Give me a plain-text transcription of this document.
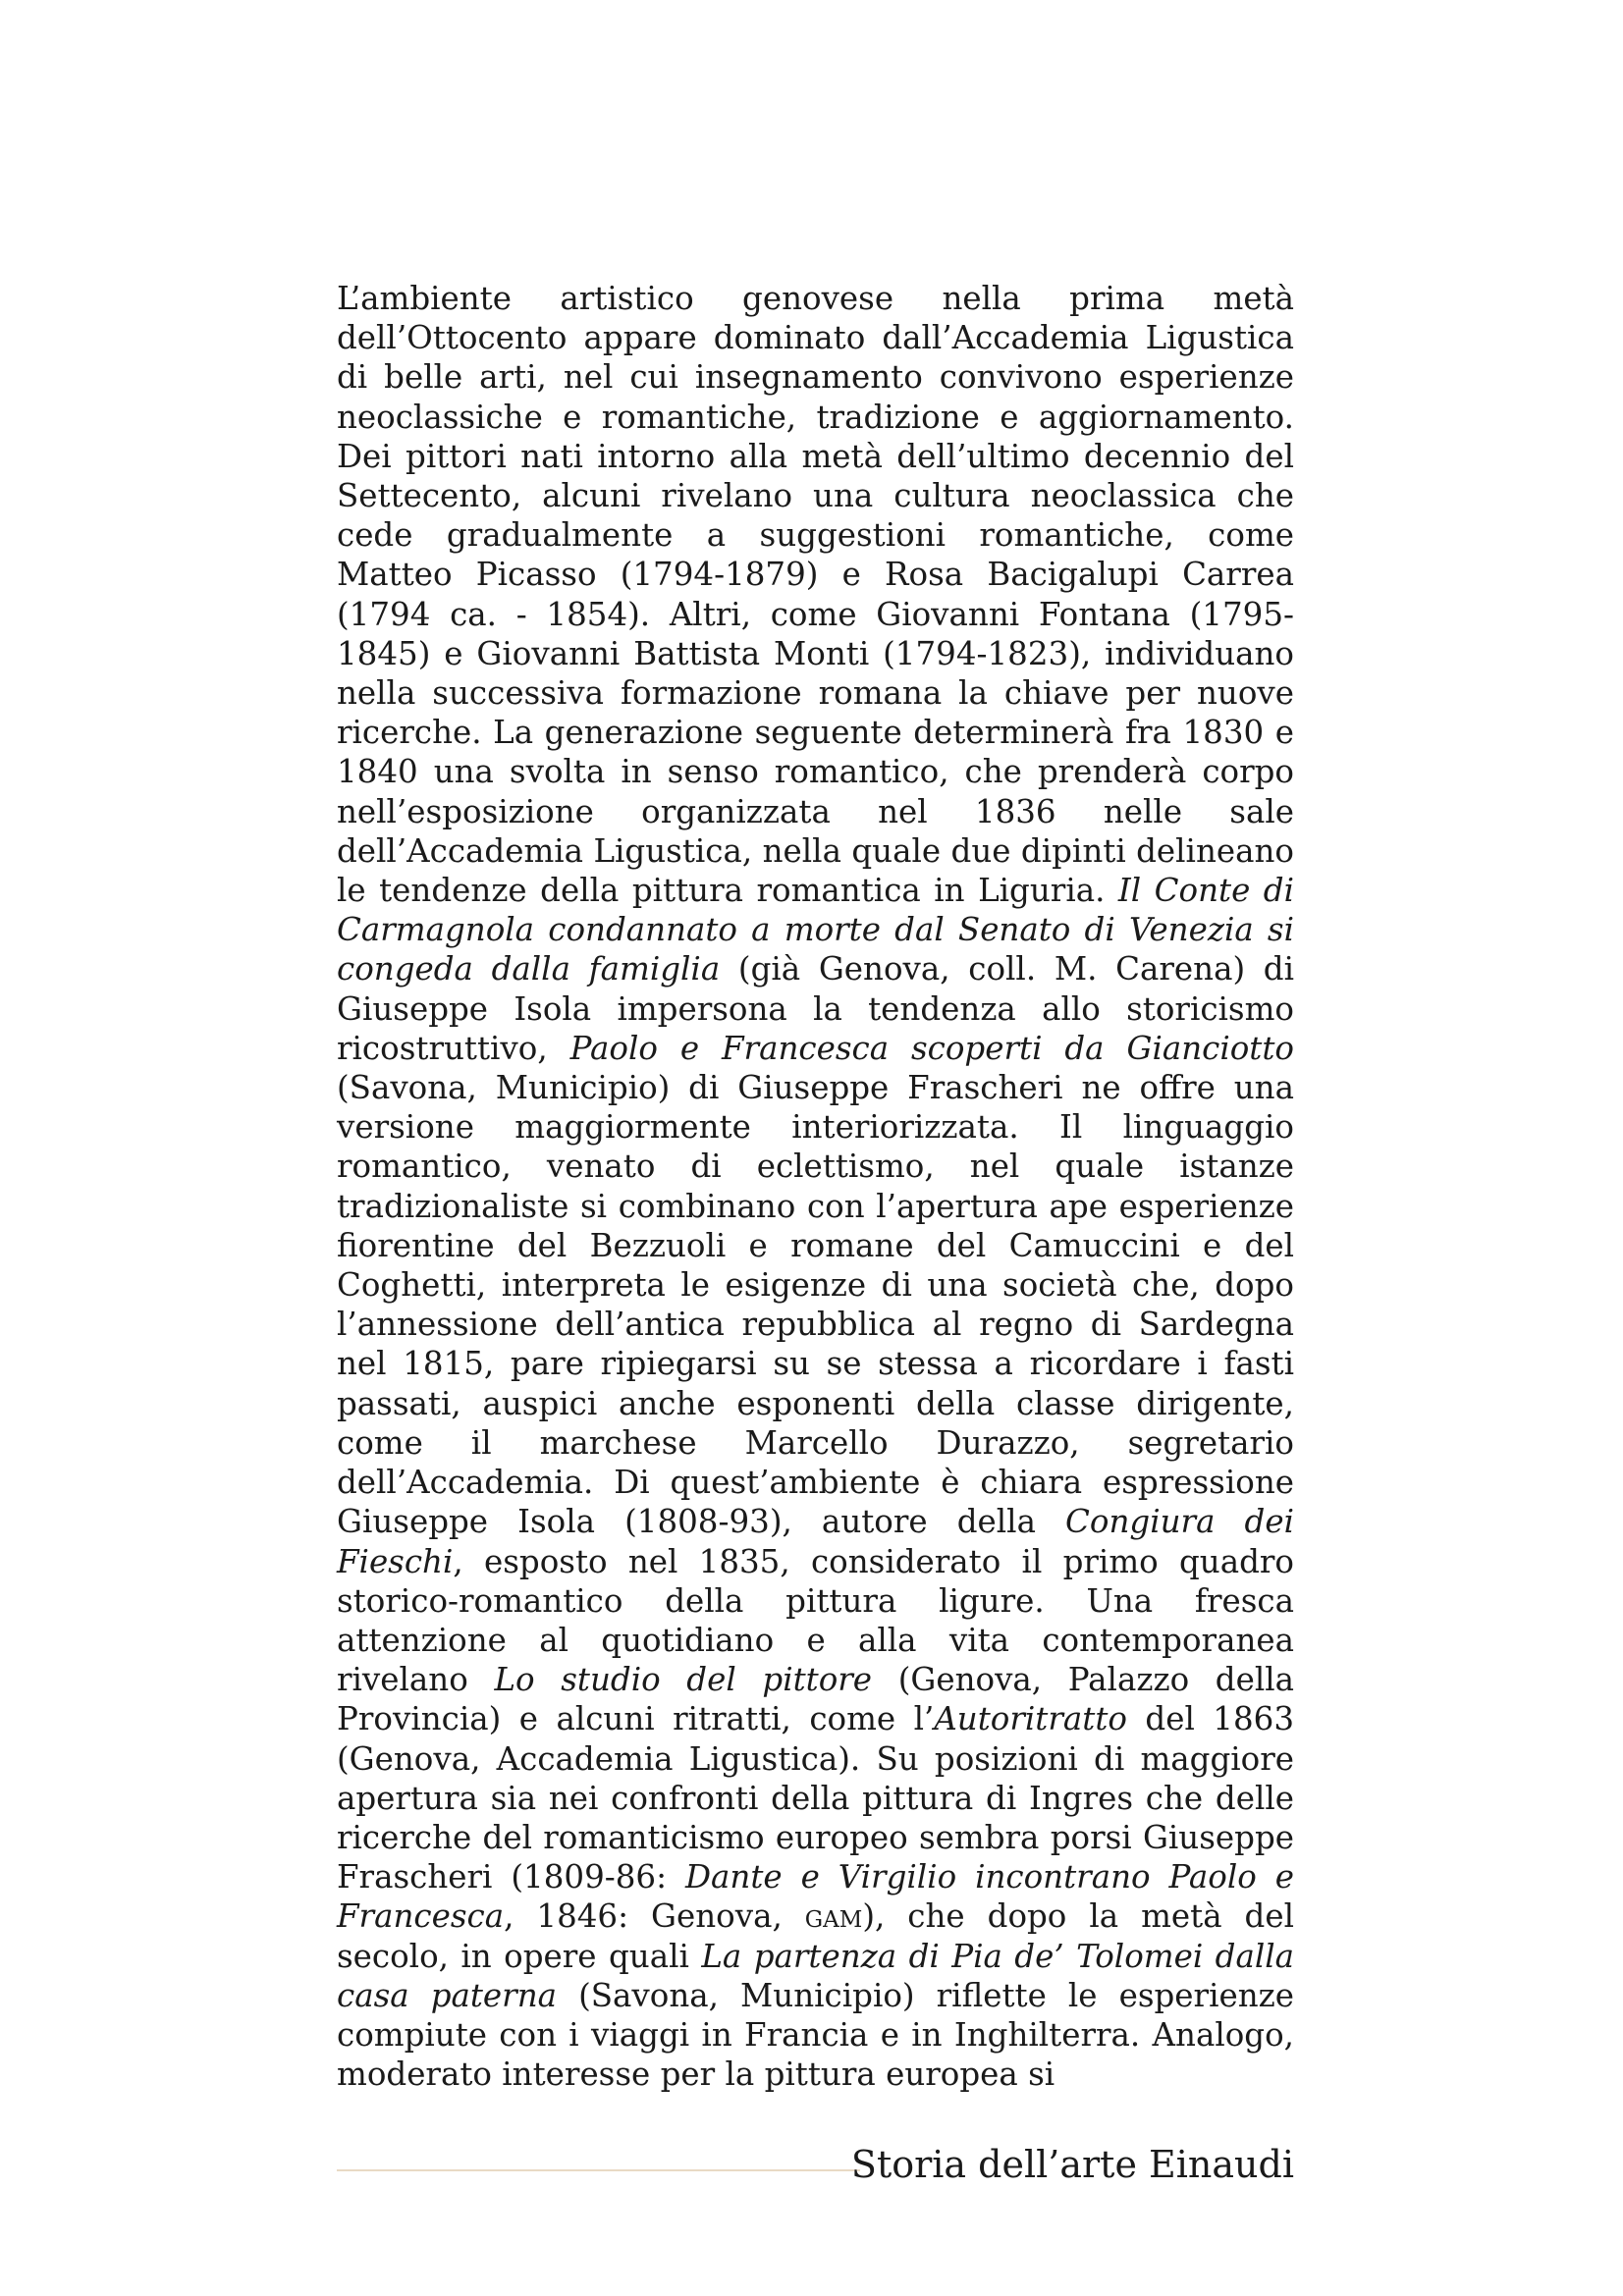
L’ambiente artistico genovese nella prima metà dell’Ottocento appare dominato dall’Accademia Ligustica di belle arti, nel cui insegnamento convivono esperienze neoclassiche e romantiche, tradizione e aggiornamento. Dei pittori nati intorno alla metà dell’ultimo decennio del Settecento, alcuni rivelano una cultura neoclassica che cede gradualmente a suggestioni romantiche, come Matteo Picasso (1794-1879) e Rosa Bacigalupi Carrea (1794 ca. - 1854). Altri, come Giovanni Fontana (1795-1845) e Giovanni Battista Monti (1794-1823), individuano nella successiva formazione romana la chiave per nuove ricerche. La generazione seguente determinerà fra 1830 e 1840 una svolta in senso romantico, che prenderà corpo nell’esposizione organizzata nel 1836 nelle sale dell’Accademia Ligustica, nella quale due dipinti delineano le tendenze della pittura romantica in Liguria. Il Conte di Carmagnola condannato a morte dal Senato di Venezia si congeda dalla famiglia (già Genova, coll. M. Carena) di Giuseppe Isola impersona la tendenza allo storicismo ricostruttivo, Paolo e Francesca scoperti da Gianciotto (Savona, Municipio) di Giuseppe Frascheri ne offre una versione maggiormente interiorizzata. Il linguaggio romantico, venato di eclettismo, nel quale istanze tradizionaliste si combinano con l’apertura ape esperienze fiorentine del Bezzuoli e romane del Camuccini e del Coghetti, interpreta le esigenze di una società che, dopo l’annessione dell’antica repubblica al regno di Sardegna nel 1815, pare ripiegarsi su se stessa a ricordare i fasti passati, auspici anche esponenti della classe dirigente, come il marchese Marcello Durazzo, segretario dell’Accademia. Di quest’ambiente è chiara espressione Giuseppe Isola (1808-93), autore della Congiura dei Fieschi, esposto nel 1835, considerato il primo quadro storico-romantico della pittura ligure. Una fresca attenzione al quotidiano e alla vita contemporanea rivelano Lo studio del pittore (Genova, Palazzo della Provincia) e alcuni ritratti, come l’Autoritratto del 1863 (Genova, Accademia Ligustica). Su posizioni di maggiore apertura sia nei confronti della pittura di Ingres che delle ricerche del romanticismo europeo sembra porsi Giuseppe Frascheri (1809-86: Dante e Virgilio incontrano Paolo e Francesca, 1846: Genova, gam), che dopo la metà del secolo, in opere quali La partenza di Pia de’ Tolomei dalla casa paterna (Savona, Municipio) riflette le esperienze compiute con i viaggi in Francia e in Inghilterra. Analogo, moderato interesse per la pittura europea si

Storia dell’arte Einaudi
